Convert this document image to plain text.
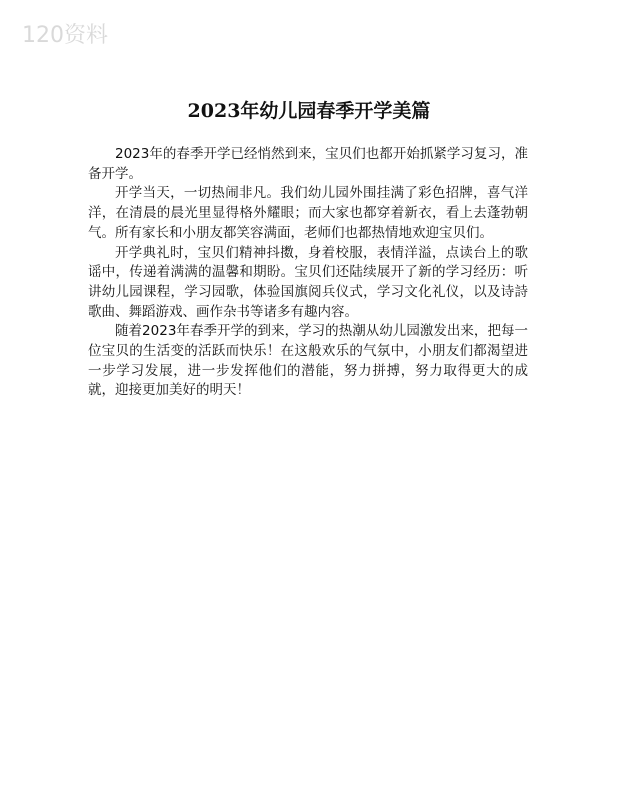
120资料
2023年幼儿园春季开学美篇

2023年的春季开学已经悄然到来，宝贝们也都开始抓紧学习复习，准备开学。

开学当天，一切热闹非凡。我们幼儿园外围挂满了彩色招牌，喜气洋洋，在清晨的晨光里显得格外耀眼；而大家也都穿着新衣，看上去蓬勃朝气。所有家长和小朋友都笑容满面，老师们也都热情地欢迎宝贝们。

开学典礼时，宝贝们精神抖擞，身着校服，表情洋溢，点读台上的歌谣中，传递着满满的温馨和期盼。宝贝们还陆续展开了新的学习经历：听讲幼儿园课程，学习园歌，体验国旗阅兵仪式，学习文化礼仪，以及诗詩歌曲、舞蹈游戏、画作杂书等诸多有趣内容。

随着2023年春季开学的到来，学习的热潮从幼儿园激发出来，把每一位宝贝的生活变的活跃而快乐！在这般欢乐的气氛中，小朋友们都渴望进一步学习发展，进一步发挥他们的潜能，努力拼搏，努力取得更大的成就，迎接更加美好的明天！
